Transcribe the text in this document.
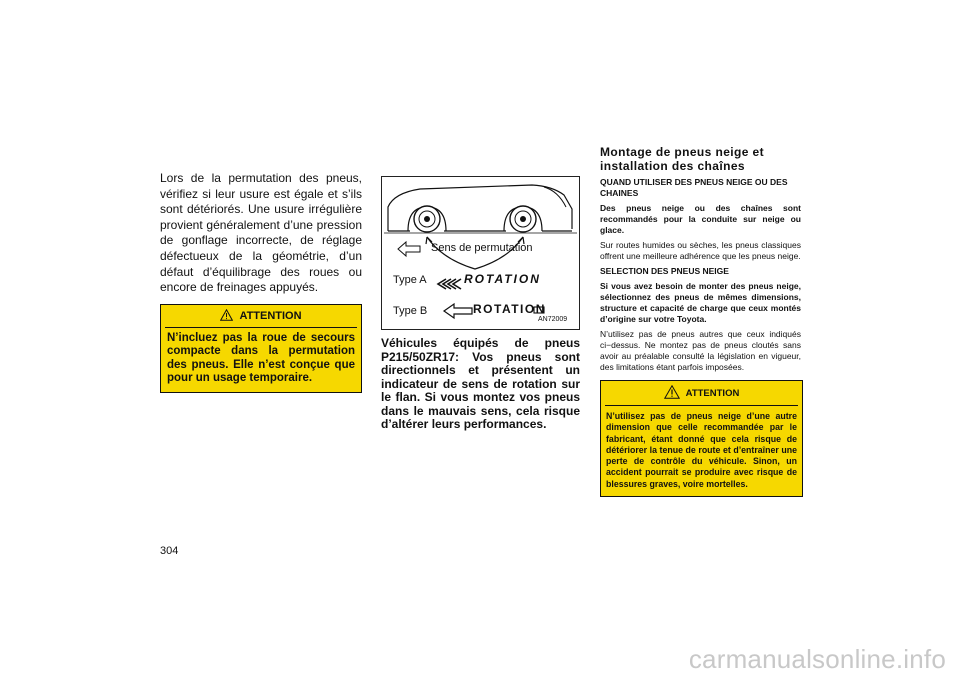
Lors de la permutation des pneus, vérifiez si leur usure est égale et s’ils sont détériorés. Une usure irrégulière provient généralement d’une pression de gonflage incorrecte, de réglage défectueux de la géométrie, d’un défaut d’équilibrage des roues ou encore de freinages appuyés.

ATTENTION
N’incluez pas la roue de secours compacte dans la permutation des pneus. Elle n’est conçue que pour un usage temporaire.
Sens de permutation
Type A	ROTATION
Type B	ROTATION
AN72009

Véhicules équipés de pneus P215/50ZR17: Vos pneus sont directionnels et présentent un indicateur de sens de rotation sur le flan. Si vous montez vos pneus dans le mauvais sens, cela risque d’altérer leurs performances.

Montage de pneus neige et installation des chaînes

QUAND UTILISER DES PNEUS NEIGE OU DES CHAINES

Des pneus neige ou des chaînes sont recommandés pour la conduite sur neige ou glace.

Sur routes humides ou sèches, les pneus classiques offrent une meilleure adhérence que les pneus neige.

SELECTION DES PNEUS NEIGE

Si vous avez besoin de monter des pneus neige, sélectionnez des pneus de mêmes dimensions, structure et capacité de charge que ceux montés d’origine sur votre Toyota.

N’utilisez pas de pneus autres que ceux indiqués ci−dessus. Ne montez pas de pneus cloutés sans avoir au préalable consulté la législation en vigueur, des limitations étant parfois imposées.

ATTENTION
N’utilisez pas de pneus neige d’une autre dimension que celle recommandée par le fabricant, étant donné que cela risque de détériorer la tenue de route et d’entraîner une perte de contrôle du véhicule. Sinon, un accident pourrait se produire avec risque de blessures graves, voire mortelles.
304
carmanualsonline.info
